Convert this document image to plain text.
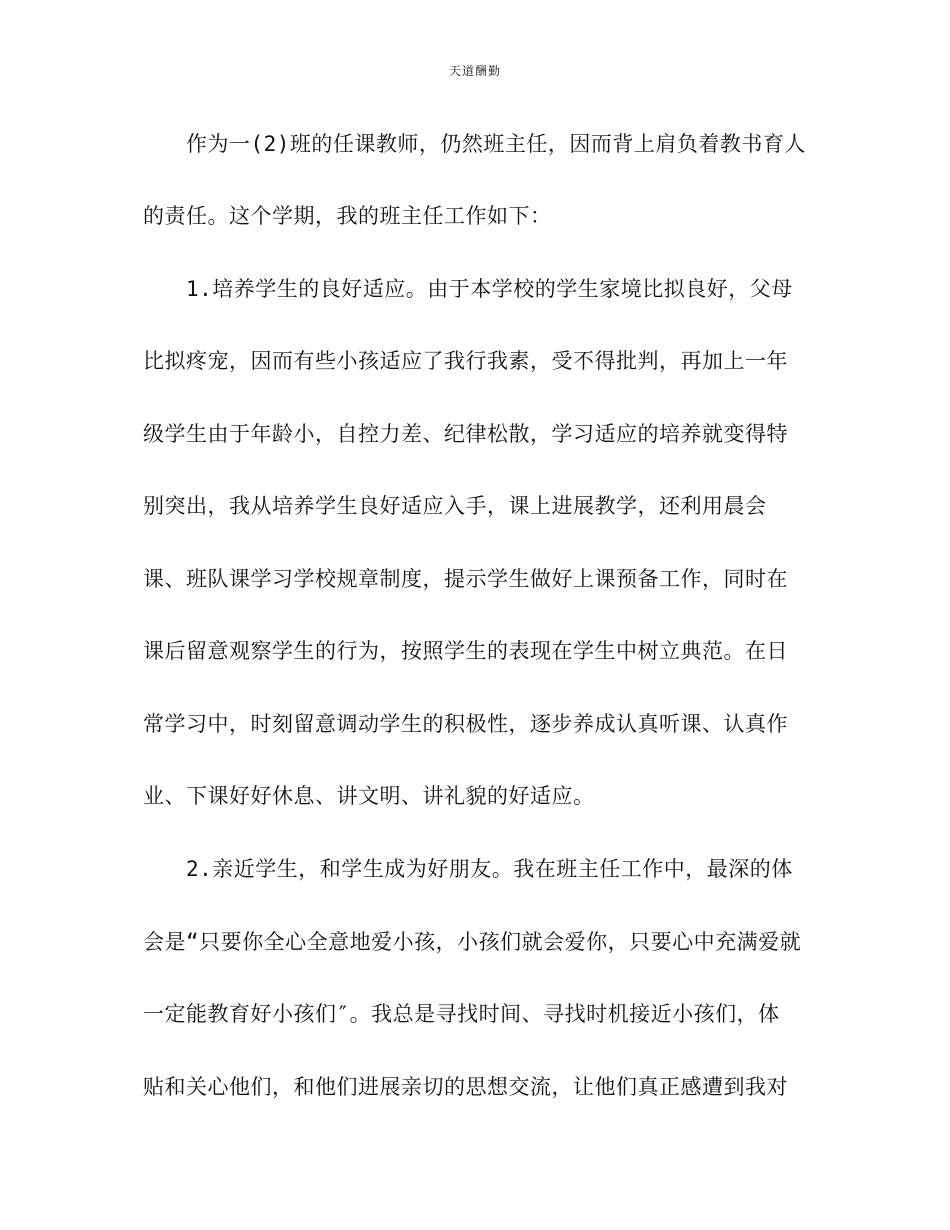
天道酬勤
作为一(2)班的任课教师，仍然班主任，因而背上肩负着教书育人
的责任。这个学期，我的班主任工作如下：
1.培养学生的良好适应。由于本学校的学生家境比拟良好，父母
比拟疼宠，因而有些小孩适应了我行我素，受不得批判，再加上一年
级学生由于年龄小，自控力差、纪律松散，学习适应的培养就变得特
别突出，我从培养学生良好适应入手，课上进展教学，还利用晨会
课、班队课学习学校规章制度，提示学生做好上课预备工作，同时在
课后留意观察学生的行为，按照学生的表现在学生中树立典范。在日
常学习中，时刻留意调动学生的积极性，逐步养成认真听课、认真作
业、下课好好休息、讲文明、讲礼貌的好适应。
2.亲近学生，和学生成为好朋友。我在班主任工作中，最深的体
会是“只要你全心全意地爱小孩，小孩们就会爱你，只要心中充满爱就
一定能教育好小孩们″。我总是寻找时间、寻找时机接近小孩们，体
贴和关心他们，和他们进展亲切的思想交流，让他们真正感遭到我对
